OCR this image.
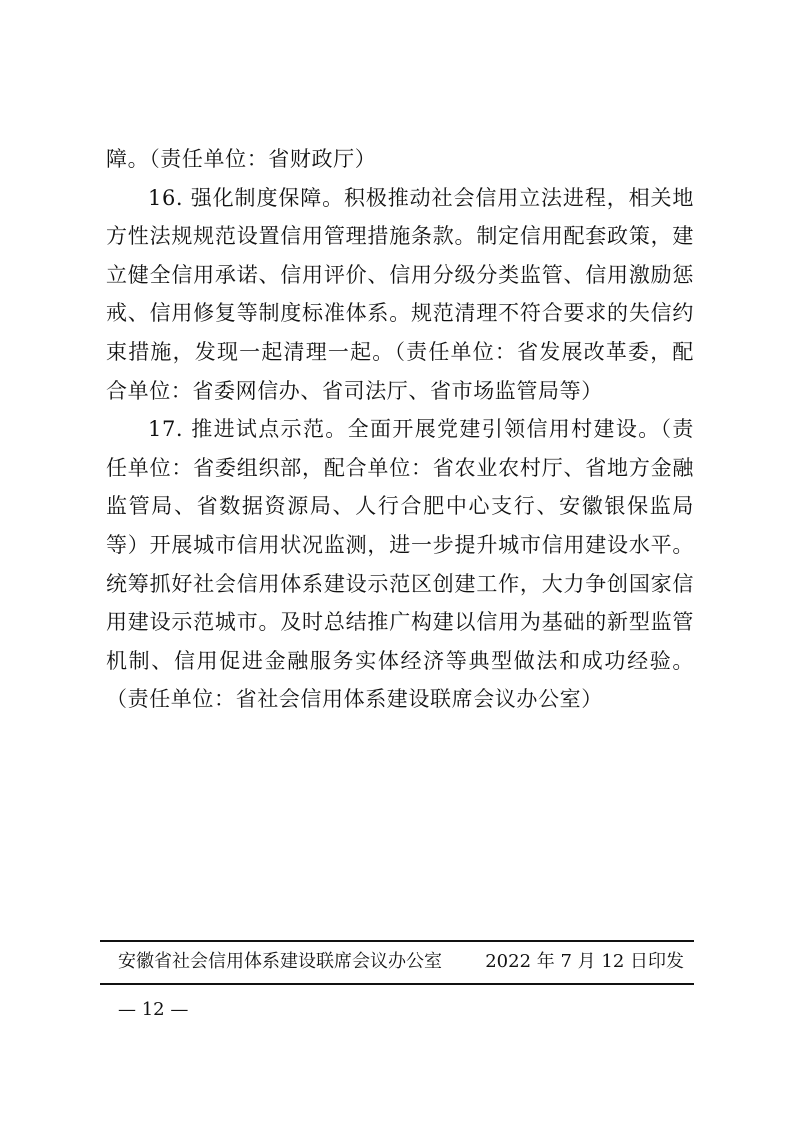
障。（责任单位：省财政厅）

16. 强化制度保障。积极推动社会信用立法进程，相关地方性法规规范设置信用管理措施条款。制定信用配套政策，建立健全信用承诺、信用评价、信用分级分类监管、信用激励惩戒、信用修复等制度标准体系。规范清理不符合要求的失信约束措施，发现一起清理一起。（责任单位：省发展改革委，配合单位：省委网信办、省司法厅、省市场监管局等）

17. 推进试点示范。全面开展党建引领信用村建设。（责任单位：省委组织部，配合单位：省农业农村厅、省地方金融监管局、省数据资源局、人行合肥中心支行、安徽银保监局等）开展城市信用状况监测，进一步提升城市信用建设水平。统筹抓好社会信用体系建设示范区创建工作，大力争创国家信用建设示范城市。及时总结推广构建以信用为基础的新型监管机制、信用促进金融服务实体经济等典型做法和成功经验。（责任单位：省社会信用体系建设联席会议办公室）

安徽省社会信用体系建设联席会议办公室 2022 年 7 月 12 日印发
— 12 —
